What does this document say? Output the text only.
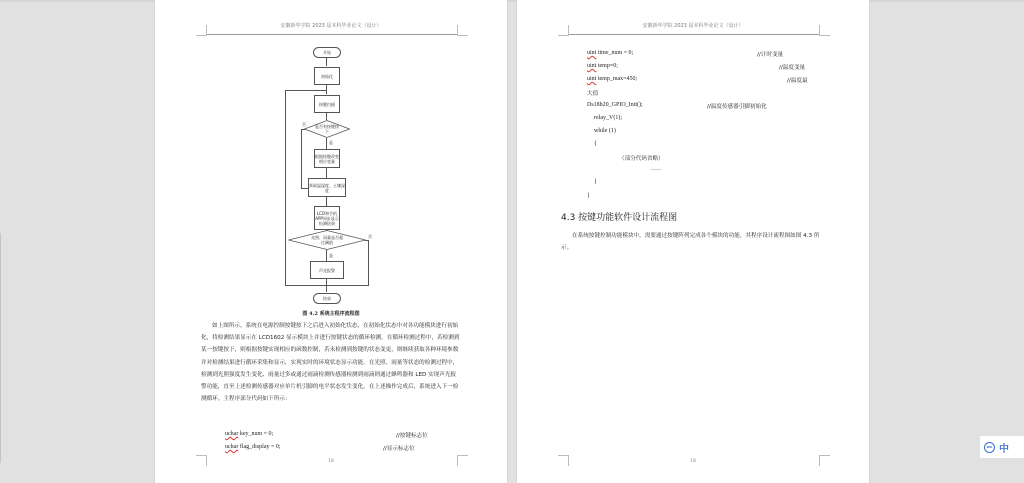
安徽新华学院 2023 届本科毕业论文（设计）
开始
初始化
按键扫描
是否有按键按下
否
是
根据按键改变相应变量
获取温湿度、土壤湿度
LCD和手机APP同步显示检测结果
光照、雨量是否超过阈值
否
是
声光报警
结束
图 4.2 系统主程序流程图
如上图所示，系统在电源控制按键按下之后进入初始化状态，在初始化状态中对各功能模块进行初始化，将检测结果显示在 LCD1602 显示模块上并进行按键状态的循环检测。在循环检测过程中，若检测到某一按键按下，则根据按键实现相应的函数控制，若未检测到按键的状态变更，则继续获取各种环境参数并对检测结果进行循环采集和显示，实现实时的环境状态显示功能。在光照、雨量等状态的检测过程中，检测到光照强度发生变化、雨量过多或通过雨滴检测传感器检测到雨滴则通过蜂鸣器和 LED 实现声光报警功能，直至上述检测传感器对应单片机引脚的电平状态发生变化。在上述操作完成后，系统进入下一检测循环。主程序部分代码如下所示：
uchar key_num = 0;	//按键标志位
uchar flag_display = 0;	//显示标志位
18
安徽新华学院 2023 届本科毕业论文（设计）
uint time_num = 0;	//计时变量
uint temp=0;	//温度变量
uint temp_max=450;	//温度最
大值
Ds18b20_GPIO_Init();	//温度传感器引脚初始化
relay_V(1);
while (1)
{
（部分代码省略）
……
}
}
4.3 按键功能软件设计流程图
在系统按键控制功能模块中，需要通过按键阵列完成各个模块的功能，其程序设计流程图如图 4.3 所示。
18
WU 中
